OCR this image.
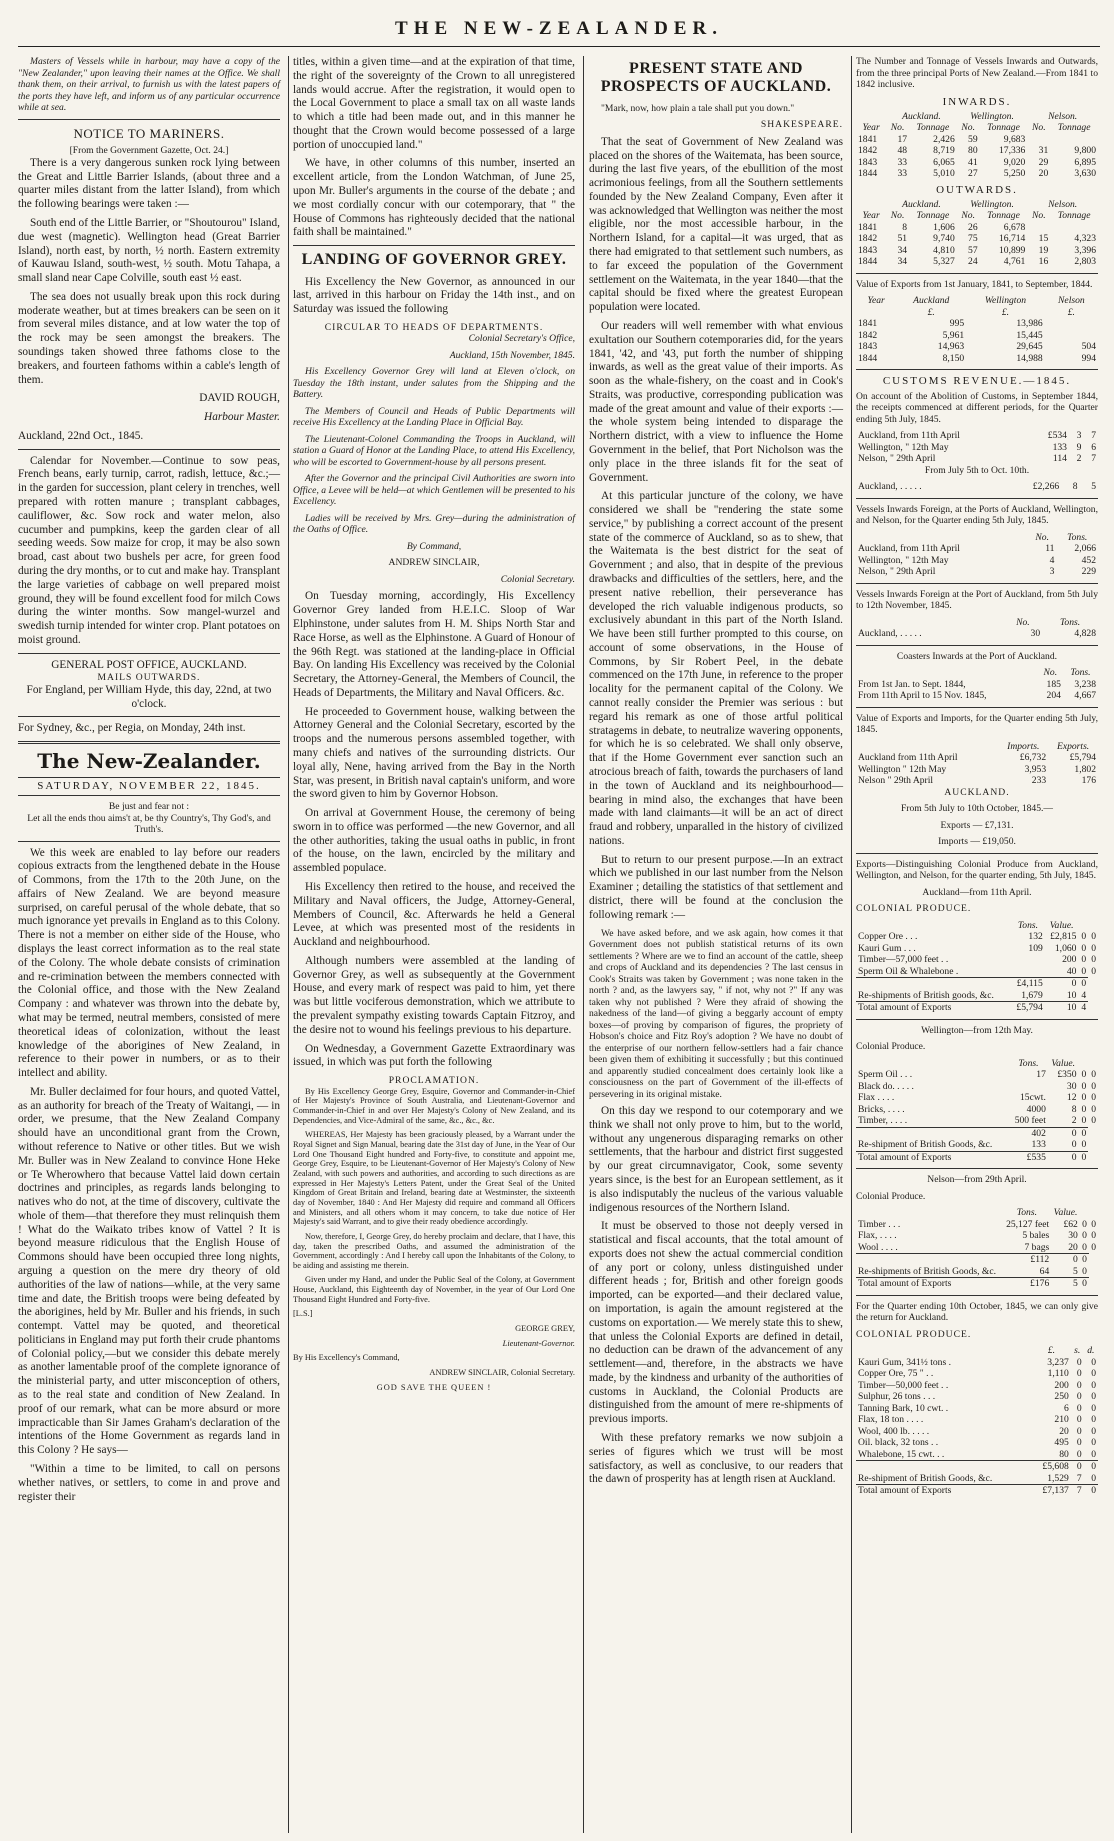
THE NEW-ZEALANDER.

Masters of Vessels while in harbour, may have a copy of the "New Zealander," upon leaving their names at the Office. We shall thank them, on their arrival, to furnish us with the latest papers of the ports they have left, and inform us of any particular occurrence while at sea.

NOTICE TO MARINERS.
[From the Government Gazette, Oct. 24.]

There is a very dangerous sunken rock lying between the Great and Little Barrier Islands, (about three and a quarter miles distant from the latter Island), from which the following bearings were taken :—

South end of the Little Barrier, or "Shoutourou" Island, due west (magnetic). Wellington head (Great Barrier Island), north east, by north, ½ north. Eastern extremity of Kauwau Island, south-west, ½ south. Motu Tahapa, a small sland near Cape Colville, south east ½ east.

The sea does not usually break upon this rock during moderate weather, but at times breakers can be seen on it from several miles distance, and at low water the top of the rock may be seen amongst the breakers. The soundings taken showed three fathoms close to the breakers, and fourteen fathoms within a cable's length of them.

DAVID ROUGH,

Harbour Master.

Auckland, 22nd Oct., 1845.

Calendar for November.—Continue to sow peas, French beans, early turnip, carrot, radish, lettuce, &c.;—in the garden for succession, plant celery in trenches, well prepared with rotten manure ; transplant cabbages, cauliflower, &c. Sow rock and water melon, also cucumber and pumpkins, keep the garden clear of all seeding weeds. Sow maize for crop, it may be also sown broad, cast about two bushels per acre, for green food during the dry months, or to cut and make hay. Transplant the large varieties of cabbage on well prepared moist ground, they will be found excellent food for milch Cows during the winter months. Sow mangel-wurzel and swedish turnip intended for winter crop. Plant potatoes on moist ground.

GENERAL POST OFFICE, AUCKLAND.
MAILS OUTWARDS.

For England, per William Hyde, this day, 22nd, at two o'clock.

For Sydney, &c., per Regia, on Monday, 24th inst.

The New-Zealander.
SATURDAY, NOVEMBER 22, 1845.
Be just and fear not :
Let all the ends thou aims't at, be thy Country's, Thy God's, and Truth's.

We this week are enabled to lay before our readers copious extracts from the lengthened debate in the House of Commons, from the 17th to the 20th June, on the affairs of New Zealand. We are beyond measure surprised, on careful perusal of the whole debate, that so much ignorance yet prevails in England as to this Colony. There is not a member on either side of the House, who displays the least correct information as to the real state of the Colony. The whole debate consists of crimination and re-crimination between the members connected with the Colonial office, and those with the New Zealand Company : and whatever was thrown into the debate by, what may be termed, neutral members, consisted of mere theoretical ideas of colonization, without the least knowledge of the aborigines of New Zealand, in reference to their power in numbers, or as to their intellect and ability.

Mr. Buller declaimed for four hours, and quoted Vattel, as an authority for breach of the Treaty of Waitangi, — in order, we presume, that the New Zealand Company should have an unconditional grant from the Crown, without reference to Native or other titles. But we wish Mr. Buller was in New Zealand to convince Hone Heke or Te Wherowhero that because Vattel laid down certain doctrines and principles, as regards lands belonging to natives who do not, at the time of discovery, cultivate the whole of them—that therefore they must relinquish them ! What do the Waikato tribes know of Vattel ? It is beyond measure ridiculous that the English House of Commons should have been occupied three long nights, arguing a question on the mere dry theory of old authorities of the law of nations—while, at the very same time and date, the British troops were being defeated by the aborigines, held by Mr. Buller and his friends, in such contempt. Vattel may be quoted, and theoretical politicians in England may put forth their crude phantoms of Colonial policy,—but we consider this debate merely as another lamentable proof of the complete ignorance of the ministerial party, and utter misconception of others, as to the real state and condition of New Zealand. In proof of our remark, what can be more absurd or more impracticable than Sir James Graham's declaration of the intentions of the Home Government as regards land in this Colony ? He says—

"Within a time to be limited, to call on persons whether natives, or settlers, to come in and prove and register their

titles, within a given time—and at the expiration of that time, the right of the sovereignty of the Crown to all unregistered lands would accrue. After the registration, it would open to the Local Government to place a small tax on all waste lands to which a title had been made out, and in this manner he thought that the Crown would become possessed of a large portion of unoccupied land."

We have, in other columns of this number, inserted an excellent article, from the London Watchman, of June 25, upon Mr. Buller's arguments in the course of the debate ; and we most cordially concur with our cotemporary, that " the House of Commons has righteously decided that the national faith shall be maintained."

LANDING OF GOVERNOR GREY.

His Excellency the New Governor, as announced in our last, arrived in this harbour on Friday the 14th inst., and on Saturday was issued the following

CIRCULAR TO HEADS OF DEPARTMENTS.

Colonial Secretary's Office,

Auckland, 15th November, 1845.

His Excellency Governor Grey will land at Eleven o'clock, on Tuesday the 18th instant, under salutes from the Shipping and the Battery.

The Members of Council and Heads of Public Departments will receive His Excellency at the Landing Place in Official Bay.

The Lieutenant-Colonel Commanding the Troops in Auckland, will station a Guard of Honor at the Landing Place, to attend His Excellency, who will be escorted to Government-house by all persons present.

After the Governor and the principal Civil Authorities are sworn into Office, a Levee will be held—at which Gentlemen will be presented to his Excellency.

Ladies will be received by Mrs. Grey—during the administration of the Oaths of Office.

By Command,

ANDREW SINCLAIR,

Colonial Secretary.

On Tuesday morning, accordingly, His Excellency Governor Grey landed from H.E.I.C. Sloop of War Elphinstone, under salutes from H. M. Ships North Star and Race Horse, as well as the Elphinstone. A Guard of Honour of the 96th Regt. was stationed at the landing-place in Official Bay. On landing His Excellency was received by the Colonial Secretary, the Attorney-General, the Members of Council, the Heads of Departments, the Military and Naval Officers. &c.

He proceeded to Government house, walking between the Attorney General and the Colonial Secretary, escorted by the troops and the numerous persons assembled together, with many chiefs and natives of the surrounding districts. Our loyal ally, Nene, having arrived from the Bay in the North Star, was present, in British naval captain's uniform, and wore the sword given to him by Governor Hobson.

On arrival at Government House, the ceremony of being sworn in to office was performed —the new Governor, and all the other authorities, taking the usual oaths in public, in front of the house, on the lawn, encircled by the military and assembled populace.

His Excellency then retired to the house, and received the Military and Naval officers, the Judge, Attorney-General, Members of Council, &c. Afterwards he held a General Levee, at which was presented most of the residents in Auckland and neighbourhood.

Although numbers were assembled at the landing of Governor Grey, as well as subsequently at the Government House, and every mark of respect was paid to him, yet there was but little vociferous demonstration, which we attribute to the prevalent sympathy existing towards Captain Fitzroy, and the desire not to wound his feelings previous to his departure.

On Wednesday, a Government Gazette Extraordinary was issued, in which was put forth the following

PROCLAMATION.

By His Excellency George Grey, Esquire, Governor and Commander-in-Chief of Her Majesty's Province of South Australia, and Lieutenant-Governor and Commander-in-Chief in and over Her Majesty's Colony of New Zealand, and its Dependencies, and Vice-Admiral of the same, &c., &c., &c.

WHEREAS, Her Majesty has been graciously pleased, by a Warrant under the Royal Signet and Sign Manual, bearing date the 31st day of June, in the Year of Our Lord One Thousand Eight hundred and Forty-five, to constitute and appoint me, George Grey, Esquire, to be Lieutenant-Governor of Her Majesty's Colony of New Zealand, with such powers and authorities, and according to such directions as are expressed in Her Majesty's Letters Patent, under the Great Seal of the United Kingdom of Great Britain and Ireland, bearing date at Westminster, the sixteenth day of November, 1840 : And Her Majesty did require and command all Officers and Ministers, and all others whom it may concern, to take due notice of Her Majesty's said Warrant, and to give their ready obedience accordingly.

Now, therefore, I, George Grey, do hereby proclaim and declare, that I have, this day, taken the prescribed Oaths, and assumed the administration of the Government, accordingly : And I hereby call upon the Inhabitants of the Colony, to be aiding and assisting me therein.

Given under my Hand, and under the Public Seal of the Colony, at Government House, Auckland, this Eighteenth day of November, in the year of Our Lord One Thousand Eight Hundred and Forty-five.

[L.S.]

GEORGE GREY,

Lieutenant-Governor.

By His Excellency's Command,

ANDREW SINCLAIR, Colonial Secretary.

GOD SAVE THE QUEEN !

PRESENT STATE AND PROSPECTS OF AUCKLAND.

"Mark, now, how plain a tale shall put you down."

SHAKESPEARE.

That the seat of Government of New Zealand was placed on the shores of the Waitemata, has been source, during the last five years, of the ebullition of the most acrimonious feelings, from all the Southern settlements founded by the New Zealand Company, Even after it was acknowledged that Wellington was neither the most eligible, nor the most accessible harbour, in the Northern Island, for a capital—it was urged, that as there had emigrated to that settlement such numbers, as to far exceed the population of the Government settlement on the Waitemata, in the year 1840—that the capital should be fixed where the greatest European population were located.

Our readers will well remember with what envious exultation our Southern cotemporaries did, for the years 1841, '42, and '43, put forth the number of shipping inwards, as well as the great value of their imports. As soon as the whale-fishery, on the coast and in Cook's Straits, was productive, corresponding publication was made of the great amount and value of their exports :—the whole system being intended to disparage the Northern district, with a view to influence the Home Government in the belief, that Port Nicholson was the only place in the three islands fit for the seat of Government.

At this particular juncture of the colony, we have considered we shall be "rendering the state some service," by publishing a correct account of the present state of the commerce of Auckland, so as to shew, that the Waitemata is the best district for the seat of Government ; and also, that in despite of the previous drawbacks and difficulties of the settlers, here, and the present native rebellion, their perseverance has developed the rich valuable indigenous products, so exclusively abundant in this part of the North Island. We have been still further prompted to this course, on account of some observations, in the House of Commons, by Sir Robert Peel, in the debate commenced on the 17th June, in reference to the proper locality for the permanent capital of the Colony. We cannot really consider the Premier was serious : but regard his remark as one of those artful political stratagems in debate, to neutralize wavering opponents, for which he is so celebrated. We shall only observe, that if the Home Government ever sanction such an atrocious breach of faith, towards the purchasers of land in the town of Auckland and its neighbourhood—bearing in mind also, the exchanges that have been made with land claimants—it will be an act of direct fraud and robbery, unparalled in the history of civilized nations.

But to return to our present purpose.—In an extract which we published in our last number from the Nelson Examiner ; detailing the statistics of that settlement and district, there will be found at the conclusion the following remark :—

We have asked before, and we ask again, how comes it that Government does not publish statistical returns of its own settlements ? Where are we to find an account of the cattle, sheep and crops of Auckland and its dependencies ? The last census in Cook's Straits was taken by Government ; was none taken in the north ? and, as the lawyers say, " if not, why not ?" If any was taken why not published ? Were they afraid of showing the nakedness of the land—of giving a beggarly account of empty boxes—of proving by comparison of figures, the propriety of Hobson's choice and Fitz Roy's adoption ? We have no doubt of the enterprise of our northern fellow-settlers had a fair chance been given them of exhibiting it successfully ; but this continued and apparently studied concealment does certainly look like a consciousness on the part of Government of the ill-effects of persevering in its original mistake.

On this day we respond to our cotemporary and we think we shall not only prove to him, but to the world, without any ungenerous disparaging remarks on other settlements, that the harbour and district first suggested by our great circumnavigator, Cook, some seventy years since, is the best for an European settlement, as it is also indisputably the nucleus of the various valuable indigenous resources of the Northern Island.

It must be observed to those not deeply versed in statistical and fiscal accounts, that the total amount of exports does not shew the actual commercial condition of any port or colony, unless distinguished under different heads ; for, British and other foreign goods imported, can be exported—and their declared value, on importation, is again the amount registered at the customs on exportation.— We merely state this to shew, that unless the Colonial Exports are defined in detail, no deduction can be drawn of the advancement of any settlement—and, therefore, in the abstracts we have made, by the kindness and urbanity of the authorities of customs in Auckland, the Colonial Products are distinguished from the amount of mere re-shipments of previous imports.

With these prefatory remarks we now subjoin a series of figures which we trust will be most satisfactory, as well as conclusive, to our readers that the dawn of prosperity has at length risen at Auckland.

The Number and Tonnage of Vessels Inwards and Outwards, from the three principal Ports of New Zealand.—From 1841 to 1842 inclusive.

INWARDS.
	Auckland.		Wellington.		Nelson.	
Year	No.	Tonnage	No.	Tonnage	No.	Tonnage
1841	17	2,426	59	9,683		
1842	48	8,719	80	17,336	31	9,800
1843	33	6,065	41	9,020	29	6,895
1844	33	5,010	27	5,250	20	3,630
OUTWARDS.
	Auckland.		Wellington.		Nelson.	
Year	No.	Tonnage	No.	Tonnage	No.	Tonnage
1841	8	1,606	26	6,678		
1842	51	9,740	75	16,714	15	4,323
1843	34	4,810	57	10,899	19	3,396
1844	34	5,327	24	4,761	16	2,803

Value of Exports from 1st January, 1841, to September, 1844.

Year	Auckland	Wellington	Nelson
	£.	£.	£.
1841	995	13,986	
1842	5,961	15,445	
1843	14,963	29,645	504
1844	8,150	14,988	994
CUSTOMS REVENUE.—1845.

On account of the Abolition of Customs, in September 1844, the receipts commenced at different periods, for the Quarter ending 5th July, 1845.

Auckland, from 11th April	£534	3	7
Wellington, " 12th May	133	9	6
Nelson, " 29th April	114	2	7

From July 5th to Oct. 10th.

Auckland, . . . . .	£2,266	8	5

Vessels Inwards Foreign, at the Ports of Auckland, Wellington, and Nelson, for the Quarter ending 5th July, 1845.

	No.	Tons.
Auckland, from 11th April	11	2,066
Wellington, " 12th May	4	452
Nelson, " 29th April	3	229

Vessels Inwards Foreign at the Port of Auckland, from 5th July to 12th November, 1845.

	No.	Tons.
Auckland, . . . . .	30	4,828

Coasters Inwards at the Port of Auckland.

	No.	Tons.
From 1st Jan. to Sept. 1844,	185	3,238
From 11th April to 15 Nov. 1845,	204	4,667

Value of Exports and Imports, for the Quarter ending 5th July, 1845.

	Imports.	Exports.
Auckland from 11th April	£6,732	£5,794
Wellington " 12th May	3,953	1,802
Nelson " 29th April	233	176

AUCKLAND.

From 5th July to 10th October, 1845.—

Exports — £7,131.

Imports — £19,050.

Exports—Distinguishing Colonial Produce from Auckland, Wellington, and Nelson, for the quarter ending, 5th July, 1845.

Auckland—from 11th April.

COLONIAL PRODUCE.

	Tons.	Value.		
Copper Ore . . .	132	£2,815	0	0
Kauri Gum . . .	109	1,060	0	0
Timber—57,000 feet . .		200	0	0
Sperm Oil & Whalebone .		40	0	0
	£4,115	0	0	
Re-shipments of British goods, &c.	1,679	10	4	
Total amount of Exports	£5,794	10	4	

Wellington—from 12th May.

Colonial Produce.

	Tons.	Value.		
Sperm Oil . . .	17	£350	0	0
Black do. . . . .		30	0	0
Flax . . . .	15cwt.	12	0	0
Bricks, . . . .	4000	8	0	0
Timber, . . . .	500 feet	2	0	0
	402	0	0	
Re-shipment of British Goods, &c.	133	0	0	
Total amount of Exports	£535	0	0	

Nelson—from 29th April.

Colonial Produce.

	Tons.	Value.		
Timber . . .	25,127 feet	£62	0	0
Flax, . . . .	5 bales	30	0	0
Wool . . . .	7 bags	20	0	0
	£112	0	0	
Re-shipments of British Goods, &c.	64	5	0	
Total amount of Exports	£176	5	0	

For the Quarter ending 10th October, 1845, we can only give the return for Auckland.

COLONIAL PRODUCE.

	£.	s.	d.
Kauri Gum, 341½ tons .	3,237	0	0
Copper Ore, 75 " . .	1,110	0	0
Timber—50,000 feet . .	200	0	0
Sulphur, 26 tons . . .	250	0	0
Tanning Bark, 10 cwt. .	6	0	0
Flax, 18 ton . . . .	210	0	0
Wool, 400 lb. . . . .	20	0	0
Oil. black, 32 tons . .	495	0	0
Whalebone, 15 cwt. . .	80	0	0
	£5,608	0	0
Re-shipment of British Goods, &c.	1,529	7	0
Total amount of Exports	£7,137	7	0
